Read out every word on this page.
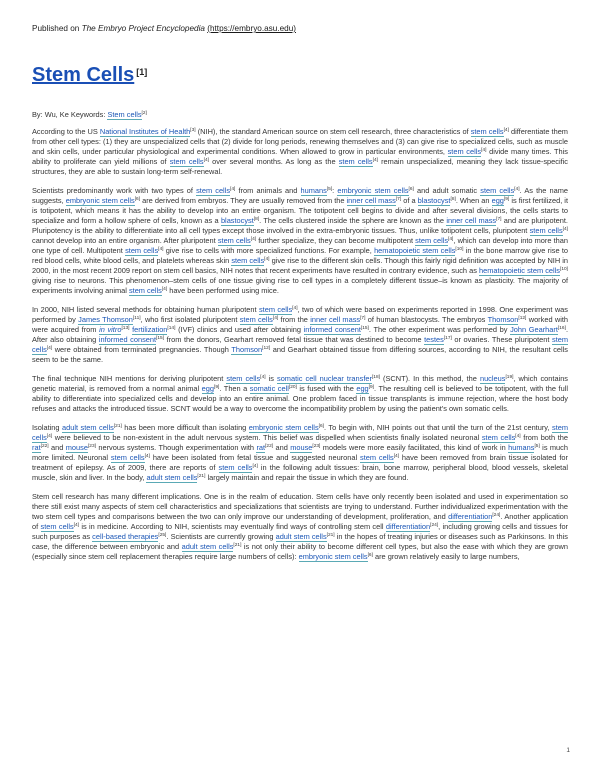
Published on The Embryo Project Encyclopedia (https://embryo.asu.edu)
Stem Cells [1]
By: Wu, Ke Keywords: Stem cells[2]

According to the US National Institutes of Health[3] (NIH), the standard American source on stem cell research, three characteristics of stem cells[4] differentiate them from other cell types: (1) they are unspecialized cells that (2) divide for long periods, renewing themselves and (3) can give rise to specialized cells, such as muscle and skin cells, under particular physiological and experimental conditions. When allowed to grow in particular environments, stem cells[4] divide many times. This ability to proliferate can yield millions of stem cells[4] over several months. As long as the stem cells[4] remain unspecialized, meaning they lack tissue-specific structures, they are able to sustain long-term self-renewal.

Scientists predominantly work with two types of stem cells[4] from animals and humans[5]: embryonic stem cells[6] and adult somatic stem cells[4]. As the name suggests, embryonic stem cells[6] are derived from embryos. They are usually removed from the inner cell mass[7] of a blastocyst[8]. When an egg[9] is first fertilized, it is totipotent, which means it has the ability to develop into an entire organism. The totipotent cell begins to divide and after several divisions, the cells starts to specialize and form a hollow sphere of cells, known as a blastocyst[8]. The cells clustered inside the sphere are known as the inner cell mass[7] and are pluripotent. Pluripotency is the ability to differentiate into all cell types except those involved in the extra-embryonic tissues. Thus, unlike totipotent cells, pluripotent stem cells[4] cannot develop into an entire organism. After pluripotent stem cells[4] further specialize, they can become multipotent stem cells[4], which can develop into more than one type of cell. Multipotent stem cells[4] give rise to cells with more specialized functions. For example, hematopoietic stem cells[10] in the bone marrow give rise to red blood cells, white blood cells, and platelets whereas skin stem cells[4] give rise to the different skin cells. Though this fairly rigid definition was accepted by NIH in 2000, in the most recent 2009 report on stem cell basics, NIH notes that recent experiments have resulted in contrary evidence, such as hematopoietic stem cells[10] giving rise to neurons. This phenomenon–stem cells of one tissue giving rise to cell types in a completely different tissue–is known as plasticity. The majority of experiments involving animal stem cells[4] have been performed using mice.

In 2000, NIH listed several methods for obtaining human pluripotent stem cells[4], two of which were based on experiments reported in 1998. One experiment was performed by James Thomson[11], who first isolated pluripotent stem cells[4] from the inner cell mass[7] of human blastocysts. The embryos Thomson[12] worked with were acquired from in vitro[13] fertilization[14] (IVF) clinics and used after obtaining informed consent[15]. The other experiment was performed by John Gearhart[16]. After also obtaining informed consent[15] from the donors, Gearhart removed fetal tissue that was destined to become testes[17] or ovaries. These pluripotent stem cells[4] were obtained from terminated pregnancies. Though Thomson[12] and Gearhart obtained tissue from differing sources, according to NIH, the resultant cells seem to be the same.

The final technique NIH mentions for deriving pluripotent stem cells[4] is somatic cell nuclear transfer[18] (SCNT). In this method, the nucleus[19], which contains genetic material, is removed from a normal animal egg[9]. Then a somatic cell[20] is fused with the egg[9]. The resulting cell is believed to be totipotent, with the full ability to differentiate into specialized cells and develop into an entire animal. One problem faced in tissue transplants is immune rejection, where the host body refuses and attacks the introduced tissue. SCNT would be a way to overcome the incompatibility problem by using the patient's own somatic cells.

Isolating adult stem cells[21] has been more difficult than isolating embryonic stem cells[6]. To begin with, NIH points out that until the turn of the 21st century, stem cells[4] were believed to be non-existent in the adult nervous system. This belief was dispelled when scientists finally isolated neuronal stem cells[4] from both the rat[22] and mouse[23] nervous systems. Though experimentation with rat[22] and mouse[23] models were more easily facilitated, this kind of work in humans[5] is much more limited. Neuronal stem cells[4] have been isolated from fetal tissue and suggested neuronal stem cells[4] have been removed from brain tissue isolated for treatment of epilepsy. As of 2009, there are reports of stem cells[4] in the following adult tissues: brain, bone marrow, peripheral blood, blood vessels, skeletal muscle, skin and liver. In the body, adult stem cells[21] largely maintain and repair the tissue in which they are found.

Stem cell research has many different implications. One is in the realm of education. Stem cells have only recently been isolated and used in experimentation so there still exist many aspects of stem cell characteristics and specializations that scientists are trying to understand. Further individualized experimentation with the two stem cell types and comparisons between the two can only improve our understanding of development, proliferation, and differentiation[24]. Another application of stem cells[4] is in medicine. According to NIH, scientists may eventually find ways of controlling stem cell differentiation[24], including growing cells and tissues for such purposes as cell-based therapies[25]. Scientists are currently growing adult stem cells[21] in the hopes of treating injuries or diseases such as Parkinsons. In this case, the difference between embryonic and adult stem cells[21] is not only their ability to become different cell types, but also the ease with which they are grown (especially since stem cell replacement therapies require large numbers of cells): embryonic stem cells[6] are grown relatively easily to large numbers,

1
